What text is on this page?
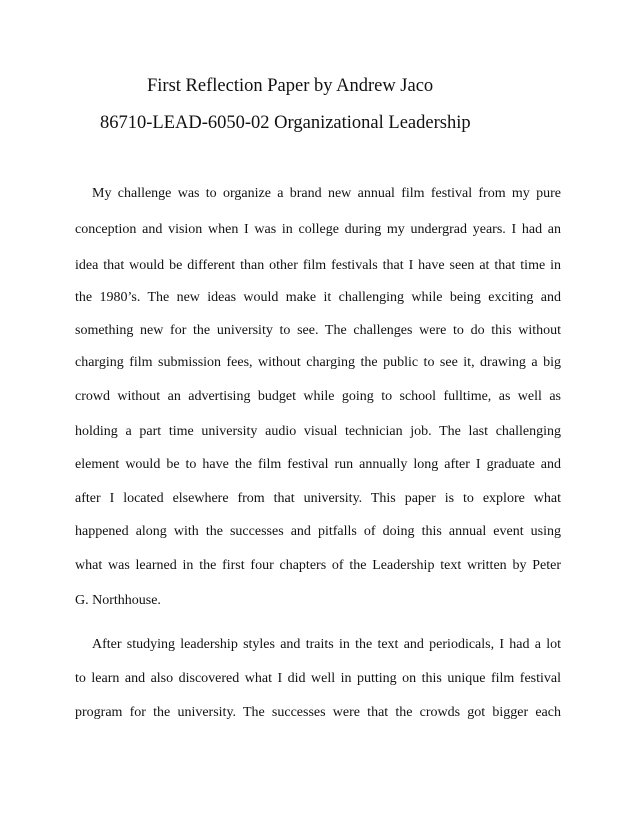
First Reflection Paper by Andrew Jaco
86710-LEAD-6050-02 Organizational Leadership
My challenge was to organize a brand new annual film festival from my pure
conception and vision when I was in college during my undergrad years. I had an
idea that would be different than other film festivals that I have seen at that time in
the 1980’s. The new ideas would make it challenging while being exciting and
something new for the university to see. The challenges were to do this without
charging film submission fees, without charging the public to see it, drawing a big
crowd without an advertising budget while going to school fulltime, as well as
holding a part time university audio visual technician job. The last challenging
element would be to have the film festival run annually long after I graduate and
after I located elsewhere from that university. This paper is to explore what
happened along with the successes and pitfalls of doing this annual event using
what was learned in the first four chapters of the Leadership text written by Peter
G. Northhouse.
After studying leadership styles and traits in the text and periodicals, I had a lot
to learn and also discovered what I did well in putting on this unique film festival
program for the university. The successes were that the crowds got bigger each
